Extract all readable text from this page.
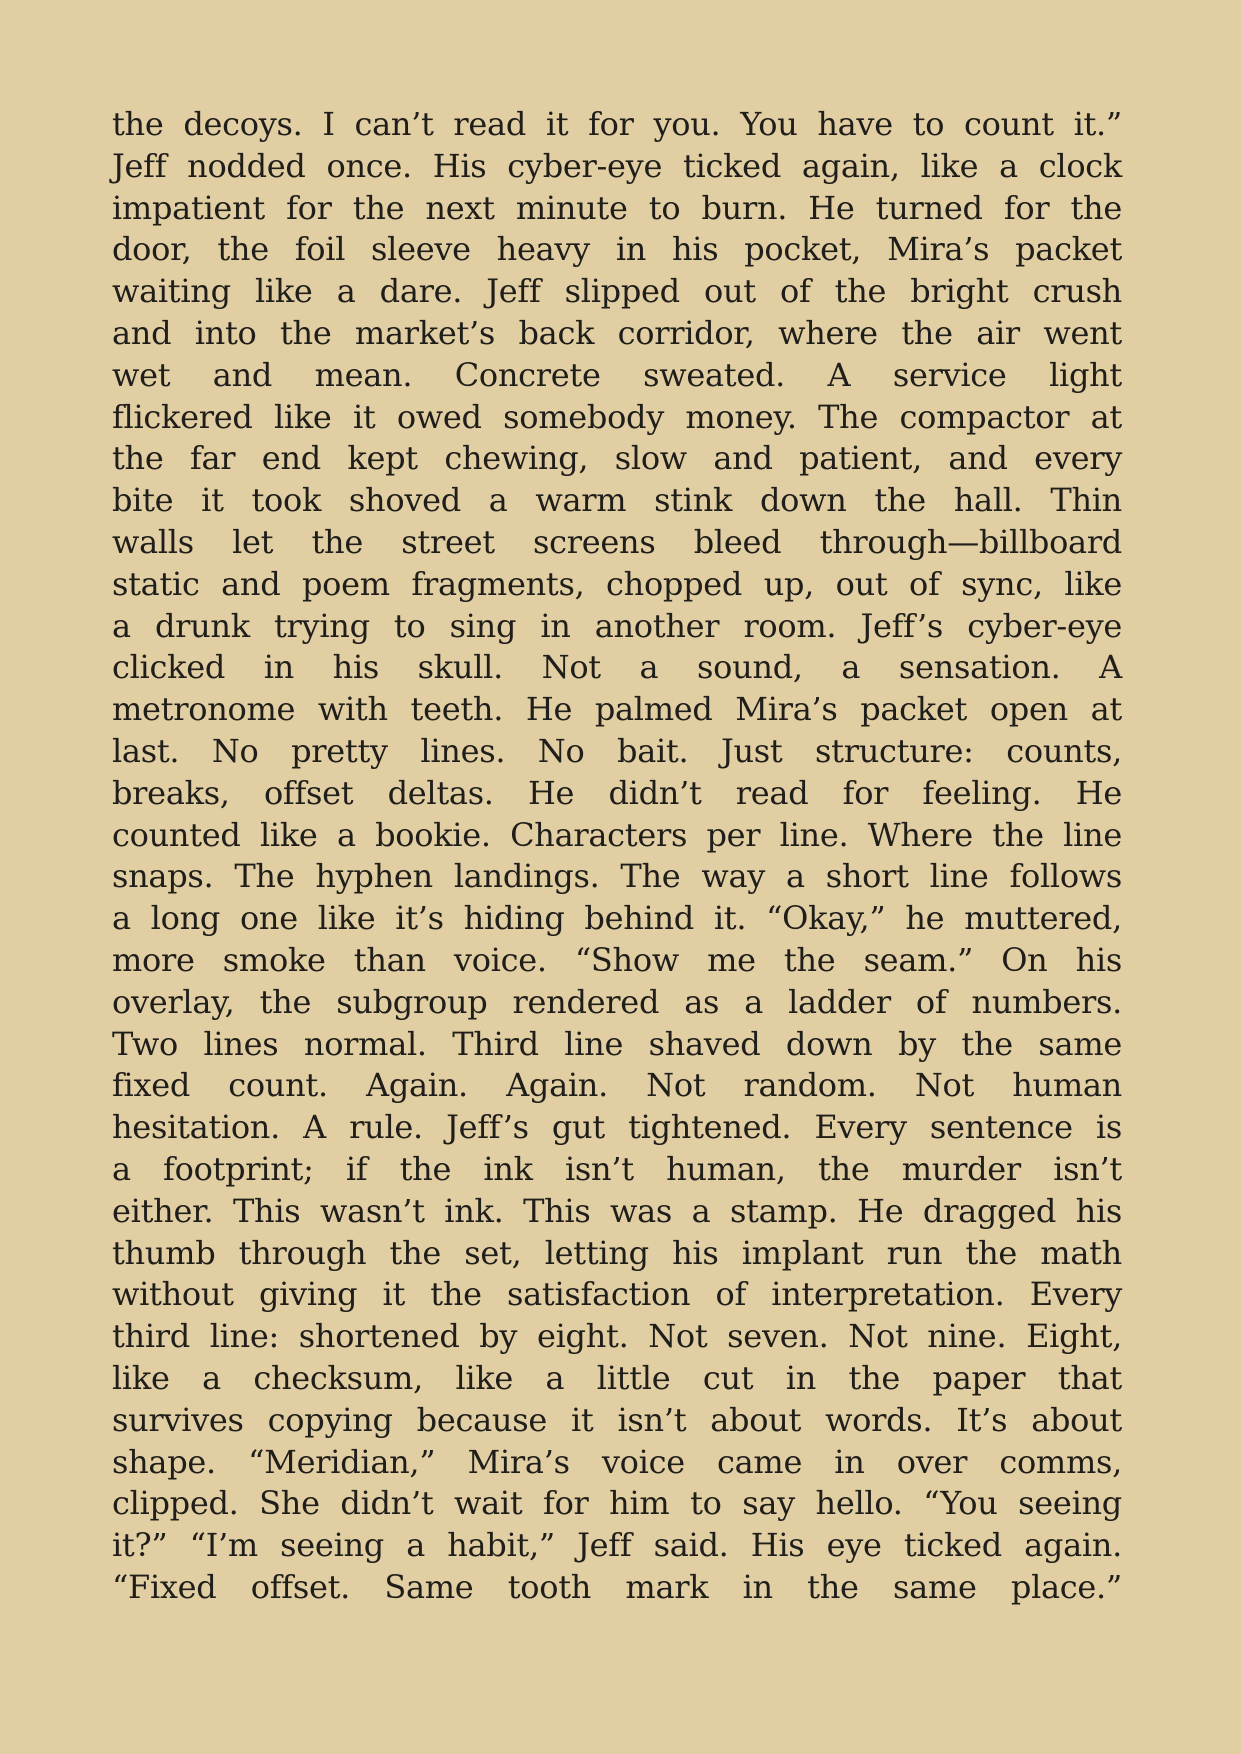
the decoys. I can’t read it for you. You have to count it.”
Jeff nodded once. His cyber-eye ticked again, like a clock
impatient for the next minute to burn. He turned for the
door, the foil sleeve heavy in his pocket, Mira’s packet
waiting like a dare. Jeff slipped out of the bright crush
and into the market’s back corridor, where the air went
wet and mean. Concrete sweated. A service light
flickered like it owed somebody money. The compactor at
the far end kept chewing, slow and patient, and every
bite it took shoved a warm stink down the hall. Thin
walls let the street screens bleed through—billboard
static and poem fragments, chopped up, out of sync, like
a drunk trying to sing in another room. Jeff’s cyber-eye
clicked in his skull. Not a sound, a sensation. A
metronome with teeth. He palmed Mira’s packet open at
last. No pretty lines. No bait. Just structure: counts,
breaks, offset deltas. He didn’t read for feeling. He
counted like a bookie. Characters per line. Where the line
snaps. The hyphen landings. The way a short line follows
a long one like it’s hiding behind it. “Okay,” he muttered,
more smoke than voice. “Show me the seam.” On his
overlay, the subgroup rendered as a ladder of numbers.
Two lines normal. Third line shaved down by the same
fixed count. Again. Again. Not random. Not human
hesitation. A rule. Jeff’s gut tightened. Every sentence is
a footprint; if the ink isn’t human, the murder isn’t
either. This wasn’t ink. This was a stamp. He dragged his
thumb through the set, letting his implant run the math
without giving it the satisfaction of interpretation. Every
third line: shortened by eight. Not seven. Not nine. Eight,
like a checksum, like a little cut in the paper that
survives copying because it isn’t about words. It’s about
shape. “Meridian,” Mira’s voice came in over comms,
clipped. She didn’t wait for him to say hello. “You seeing
it?” “I’m seeing a habit,” Jeff said. His eye ticked again.
“Fixed offset. Same tooth mark in the same place.”
